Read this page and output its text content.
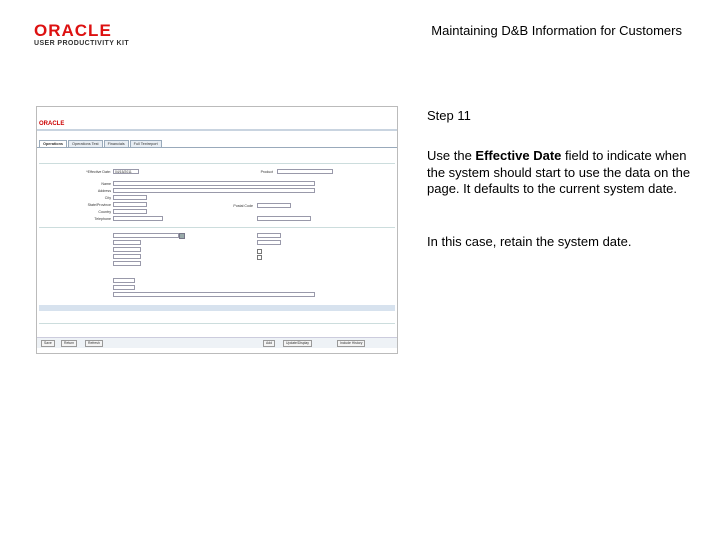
ORACLE
USER PRODUCTIVITY KIT
Maintaining D&B Information for Customers
Step 11
Use the Effective Date field to indicate when the system should start to use the data on the page. It defaults to the current system date.
In this case, retain the system date.
ORACLE
Operations Operations Test Financials Full Textreport
*Effective Date:	04/15/2011	Product
Name
Address
City
State/Province
Country
Telephone
Postal Code
Save	Return	Refresh	Add	Update/Display	Include History
